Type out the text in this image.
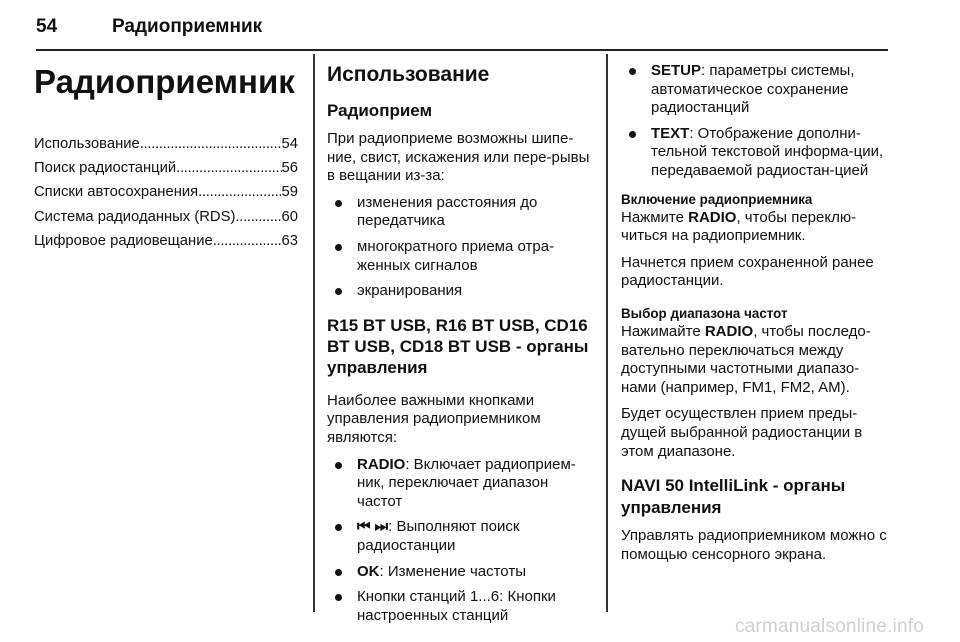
54	Радиоприемник
Радиоприемник
Использование . . .	54
Поиск радиостанций . . .	56
Списки автосохранения . . .	59
Система радиоданных (RDS) . . .	60
Цифровое радиовещание . . .	63
Использование
Радиоприем

При радиоприеме возможны шипе-ние, свист, искажения или пере-рывы в вещании из-за:

изменения расстояния до передатчика
многократного приема отра-женных сигналов
экранирования
R15 BT USB, R16 BT USB, CD16 BT USB, CD18 BT USB - органы управления

Наиболее важными кнопками управления радиоприемником являются:

RADIO: Включает радиоприем-ник, переключает диапазон частот
⏮ ⏭: Выполняют поиск радиостанции
OK: Изменение частоты
Кнопки станций 1...6: Кнопки настроенных станций
SETUP: параметры системы, автоматическое сохранение радиостанций
TEXT: Отображение дополни-тельной текстовой информа-ции, передаваемой радиостан-цией
Включение радиоприемника

Нажмите RADIO, чтобы переклю-читься на радиоприемник.

Начнется прием сохраненной ранее радиостанции.

Выбор диапазона частот

Нажимайте RADIO, чтобы последо-вательно переключаться между доступными частотными диапазо-нами (например, FM1, FM2, AM).

Будет осуществлен прием преды-дущей выбранной радиостанции в этом диапазоне.

NAVI 50 IntelliLink - органы управления

Управлять радиоприемником можно с помощью сенсорного экрана.

carmanualsonline.info
